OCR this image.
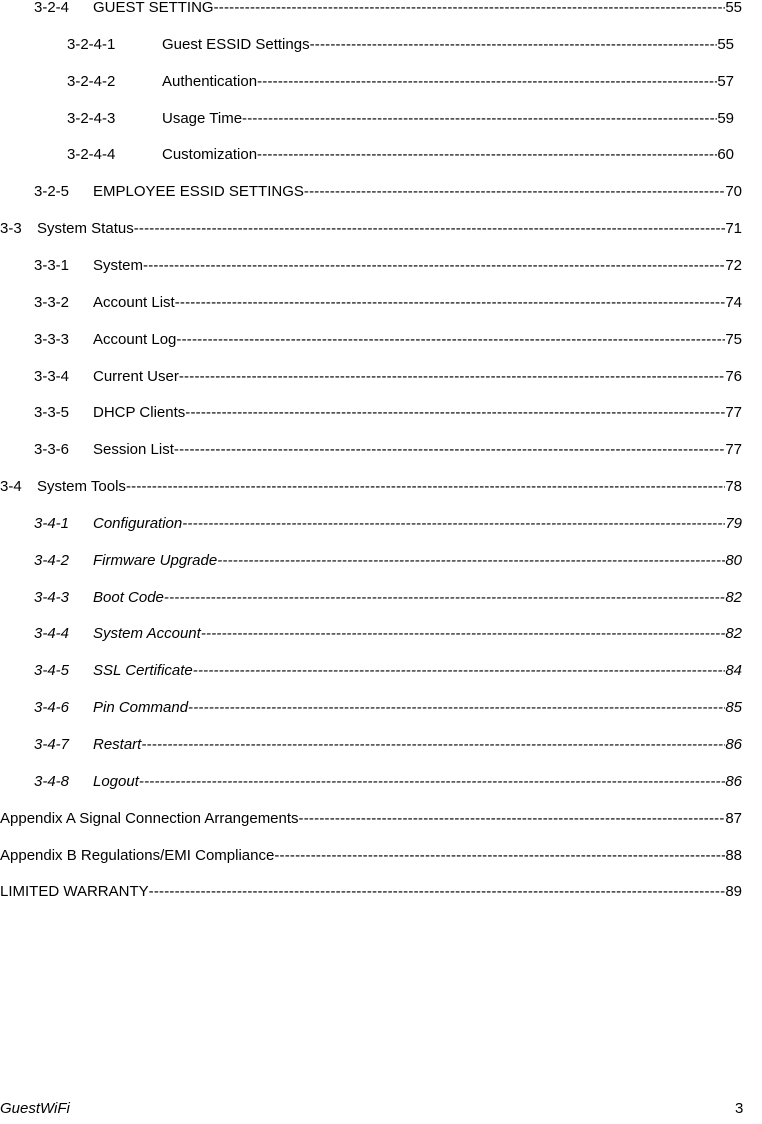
3-2-4	GUEST SETTING -----	55
3-2-4-1	Guest ESSID Settings -----	55
3-2-4-2	Authentication -----	57
3-2-4-3	Usage Time -----	59
3-2-4-4	Customization -----	60
3-2-5	EMPLOYEE ESSID SETTINGS -----	70
3-3	System Status -----	71
3-3-1	System -----	72
3-3-2	Account List -----	74
3-3-3	Account Log -----	75
3-3-4	Current User -----	76
3-3-5	DHCP Clients -----	77
3-3-6	Session List -----	77
3-4	System Tools -----	78
3-4-1	Configuration -----	79
3-4-2	Firmware Upgrade -----	80
3-4-3	Boot Code -----	82
3-4-4	System Account -----	82
3-4-5	SSL Certificate -----	84
3-4-6	Pin Command -----	85
3-4-7	Restart -----	86
3-4-8	Logout -----	86
Appendix A Signal Connection Arrangements -----	87
Appendix B Regulations/EMI Compliance -----	88
LIMITED WARRANTY -----	89
GuestWiFi	3
